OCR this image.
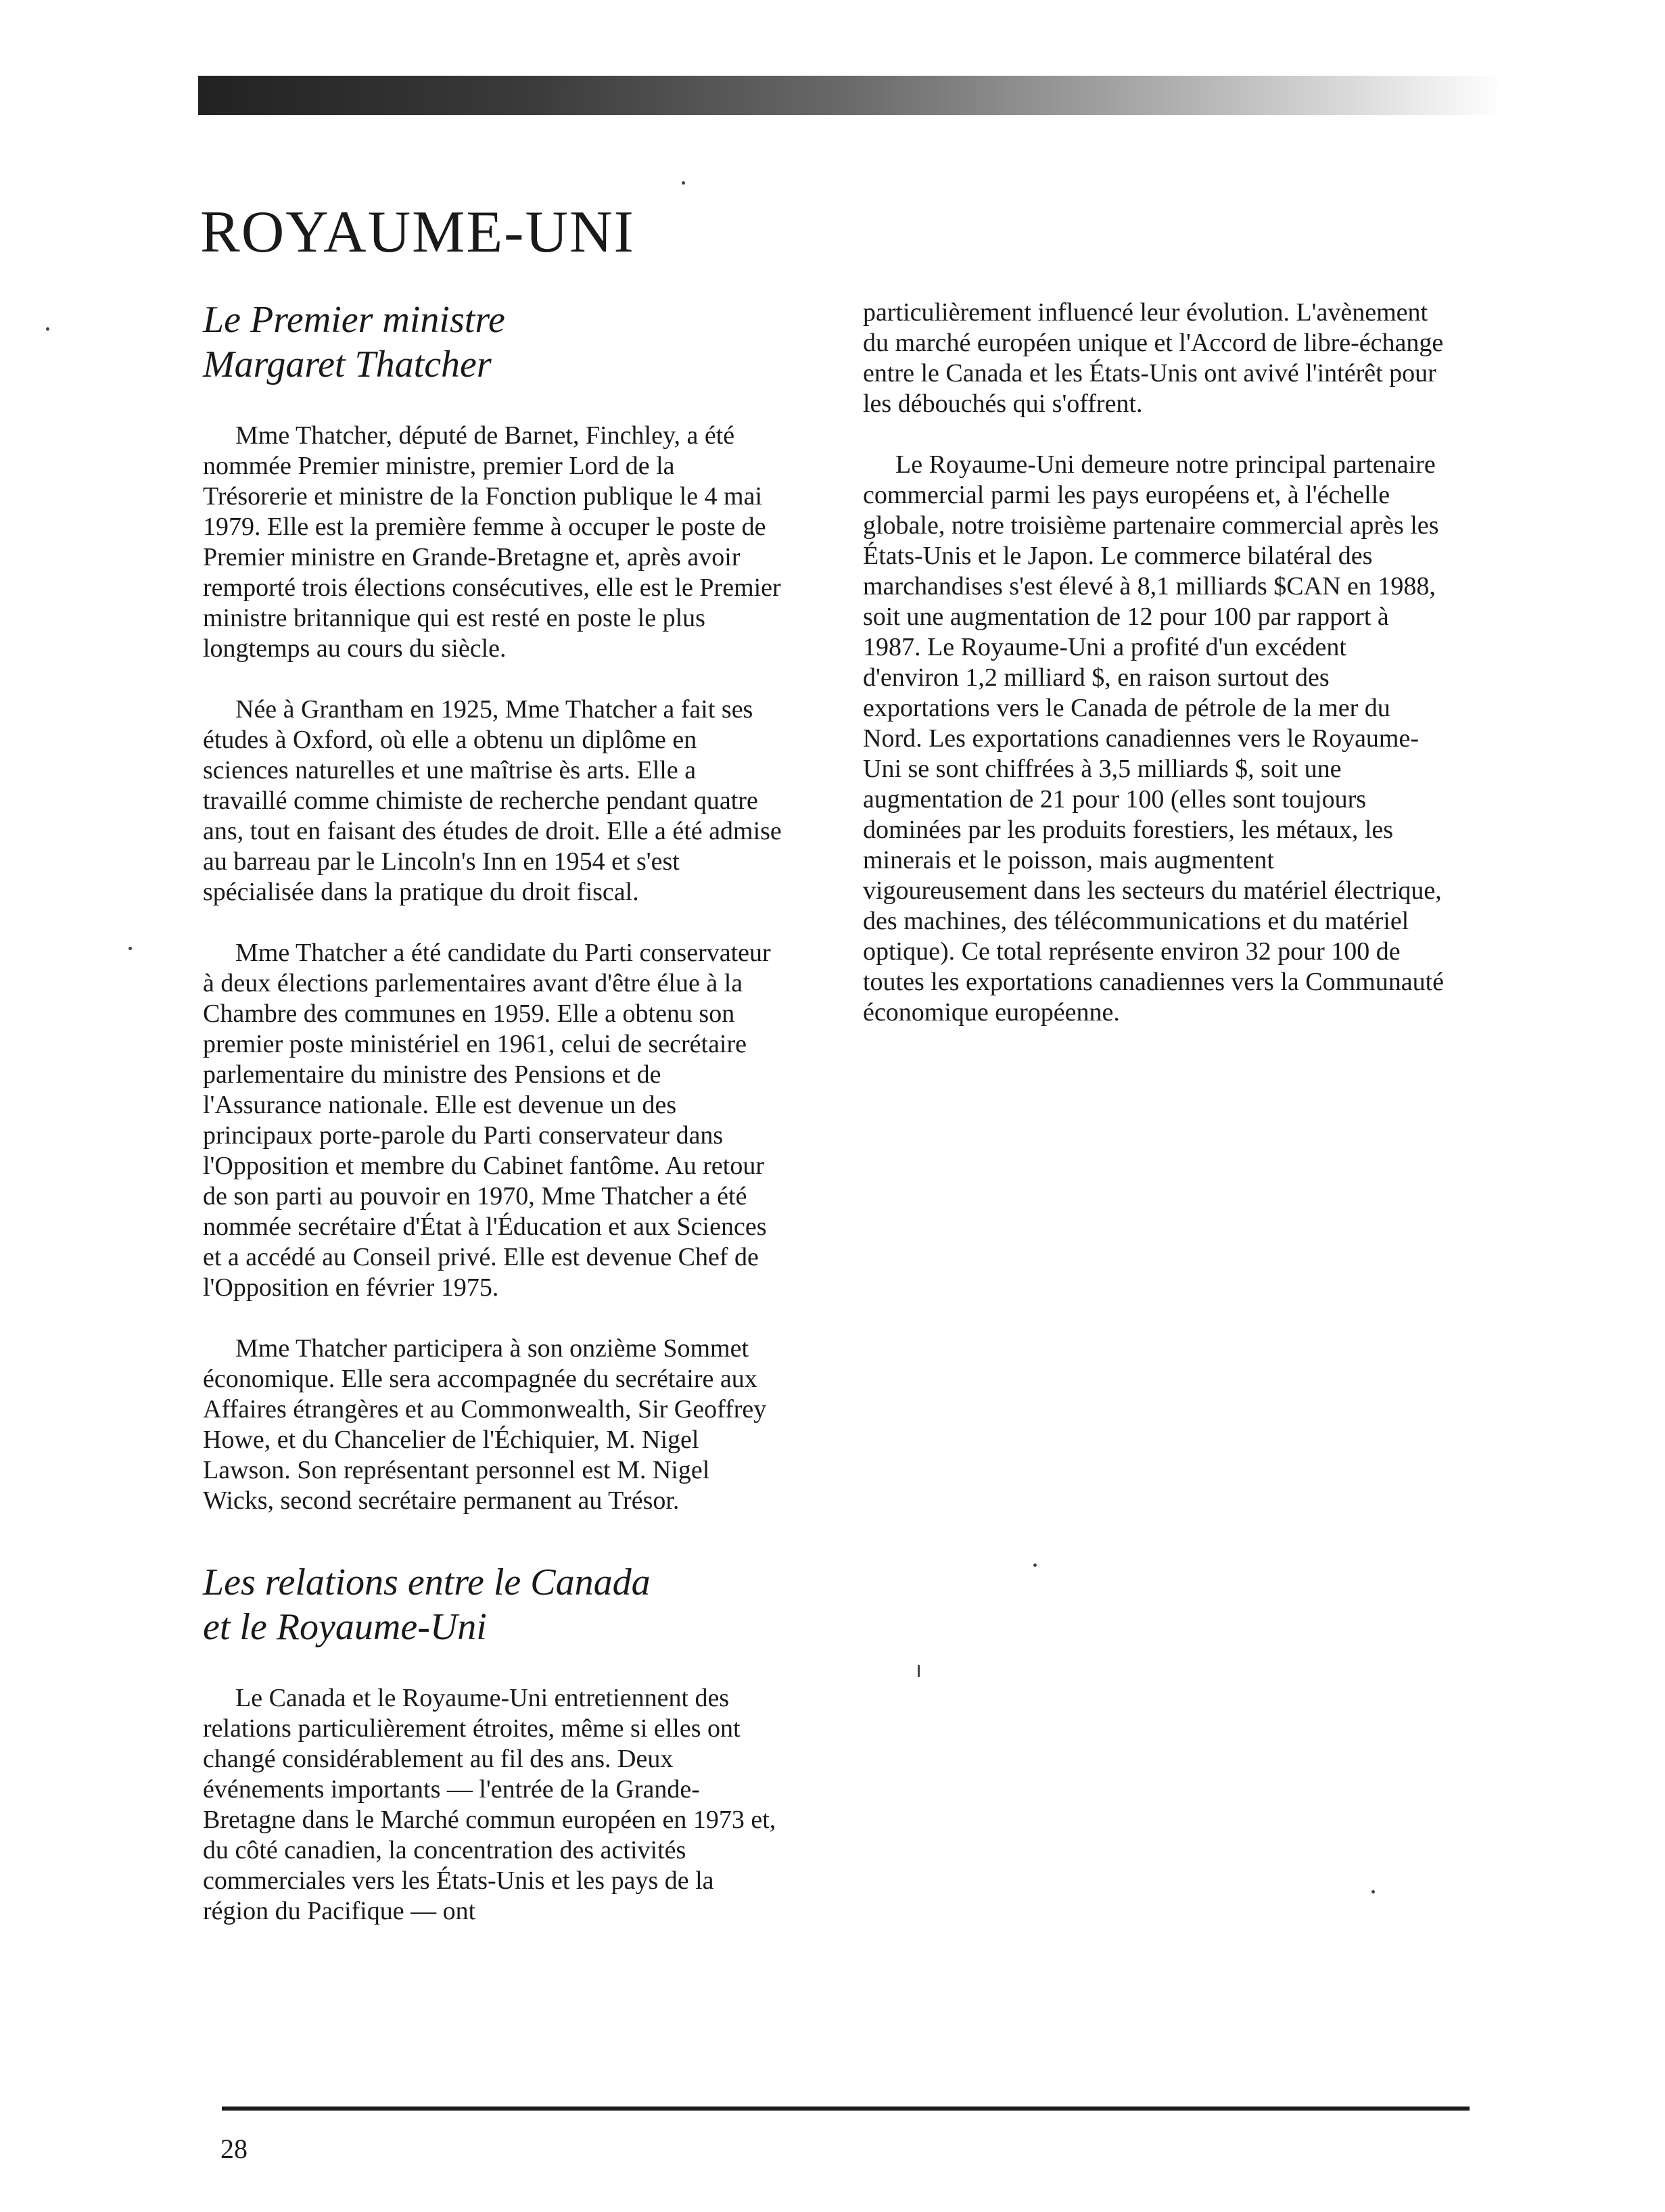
ROYAUME-UNI
Le Premier ministre
Margaret Thatcher

Mme Thatcher, député de Barnet, Finchley, a été nommée Premier ministre, premier Lord de la Trésorerie et ministre de la Fonction publique le 4 mai 1979. Elle est la première femme à occuper le poste de Premier ministre en Grande-Bretagne et, après avoir remporté trois élections consécutives, elle est le Premier ministre britannique qui est resté en poste le plus longtemps au cours du siècle.

Née à Grantham en 1925, Mme Thatcher a fait ses études à Oxford, où elle a obtenu un diplôme en sciences naturelles et une maîtrise ès arts. Elle a travaillé comme chimiste de recherche pendant quatre ans, tout en faisant des études de droit. Elle a été admise au barreau par le Lincoln's Inn en 1954 et s'est spécialisée dans la pratique du droit fiscal.

Mme Thatcher a été candidate du Parti conservateur à deux élections parlementaires avant d'être élue à la Chambre des communes en 1959. Elle a obtenu son premier poste ministériel en 1961, celui de secrétaire parlementaire du ministre des Pensions et de l'Assurance nationale. Elle est devenue un des principaux porte-parole du Parti conservateur dans l'Opposition et membre du Cabinet fantôme. Au retour de son parti au pouvoir en 1970, Mme Thatcher a été nommée secrétaire d'État à l'Éducation et aux Sciences et a accédé au Conseil privé. Elle est devenue Chef de l'Opposition en février 1975.

Mme Thatcher participera à son onzième Sommet économique. Elle sera accompagnée du secrétaire aux Affaires étrangères et au Commonwealth, Sir Geoffrey Howe, et du Chancelier de l'Échiquier, M. Nigel Lawson. Son représentant personnel est M. Nigel Wicks, second secrétaire permanent au Trésor.

Les relations entre le Canada
et le Royaume-Uni

Le Canada et le Royaume-Uni entretiennent des relations particulièrement étroites, même si elles ont changé considérablement au fil des ans. Deux événements importants — l'entrée de la Grande-Bretagne dans le Marché commun européen en 1973 et, du côté canadien, la concentration des activités commerciales vers les États-Unis et les pays de la région du Pacifique — ont

particulièrement influencé leur évolution. L'avènement du marché européen unique et l'Accord de libre-échange entre le Canada et les États-Unis ont avivé l'intérêt pour les débouchés qui s'offrent.

Le Royaume-Uni demeure notre principal partenaire commercial parmi les pays européens et, à l'échelle globale, notre troisième partenaire commercial après les États-Unis et le Japon. Le commerce bilatéral des marchandises s'est élevé à 8,1 milliards $CAN en 1988, soit une augmentation de 12 pour 100 par rapport à 1987. Le Royaume-Uni a profité d'un excédent d'environ 1,2 milliard $, en raison surtout des exportations vers le Canada de pétrole de la mer du Nord. Les exportations canadiennes vers le Royaume-Uni se sont chiffrées à 3,5 milliards $, soit une augmentation de 21 pour 100 (elles sont toujours dominées par les produits forestiers, les métaux, les minerais et le poisson, mais augmentent vigoureusement dans les secteurs du matériel électrique, des machines, des télécommunications et du matériel optique). Ce total représente environ 32 pour 100 de toutes les exportations canadiennes vers la Communauté économique européenne.

28
